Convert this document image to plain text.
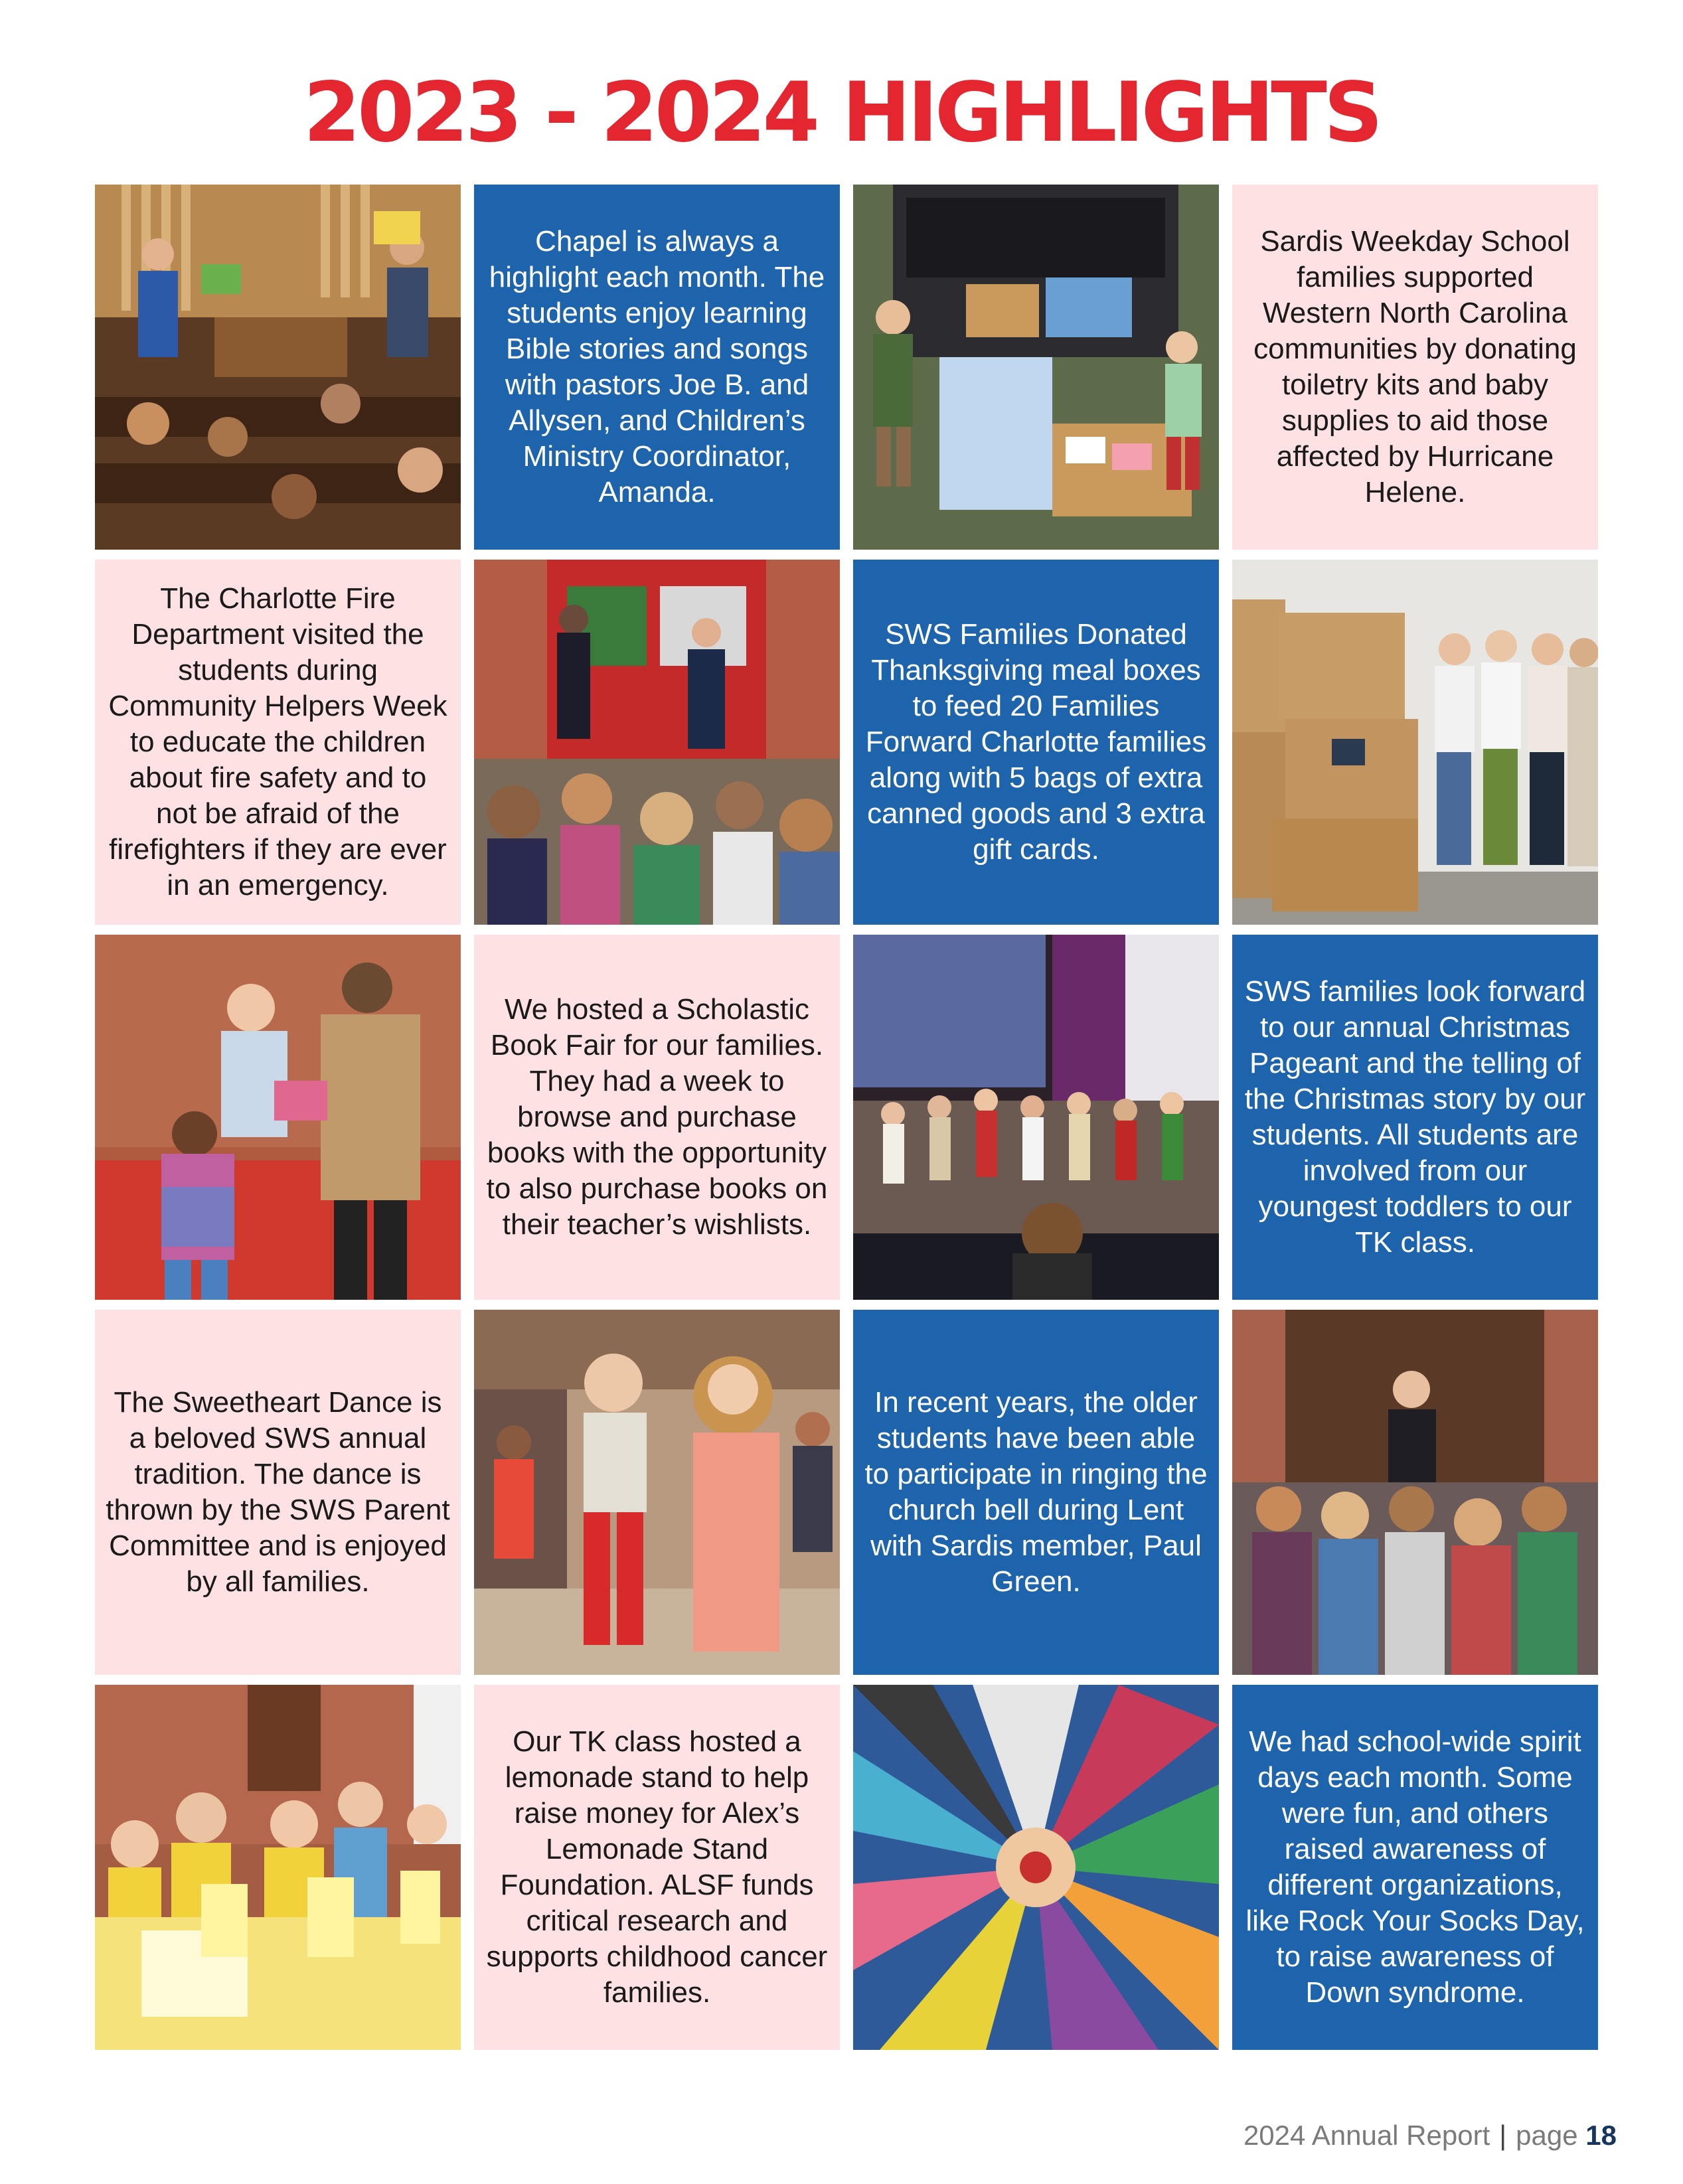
2023 - 2024 HIGHLIGHTS
Chapel is always a highlight each month. The students enjoy learning Bible stories and songs with pastors Joe B. and Allysen, and Children’s Ministry Coordinator, Amanda.
Sardis Weekday School families supported Western North Carolina communities by donating toiletry kits and baby supplies to aid those affected by Hurricane Helene.
The Charlotte Fire Department visited the students during Community Helpers Week to educate the children about fire safety and to not be afraid of the firefighters if they are ever in an emergency.
SWS Families Donated Thanksgiving meal boxes to feed 20 Families Forward Charlotte families along with 5 bags of extra canned goods and 3 extra gift cards.
We hosted a Scholastic Book Fair for our families. They had a week to browse and purchase books with the opportunity to also purchase books on their teacher’s wishlists.
SWS families look forward to our annual Christmas Pageant and the telling of the Christmas story by our students. All students are involved from our youngest toddlers to our TK class.
The Sweetheart Dance is a beloved SWS annual tradition. The dance is thrown by the SWS Parent Committee and is enjoyed by all families.
In recent years, the older students have been able to participate in ringing the church bell during Lent with Sardis member, Paul Green.
Our TK class hosted a lemonade stand to help raise money for Alex’s Lemonade Stand Foundation. ALSF funds critical research and supports childhood cancer families.
We had school-wide spirit days each month. Some were fun, and others raised awareness of different organizations, like Rock Your Socks Day, to raise awareness of Down syndrome.
2024 Annual Report | page 18
